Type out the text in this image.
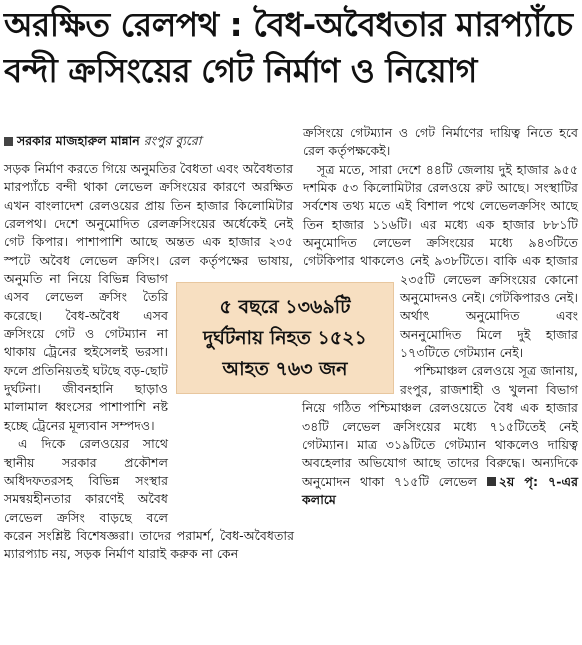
অরক্ষিত রেলপথ : বৈধ-অবৈধতার মারপ্যাঁচে
বন্দী ক্রসিংয়ের গেট নির্মাণ ও নিয়োগ
সরকার মাজহারুল মান্নান রংপুর ব্যুরো

সড়ক নির্মাণ করতে গিয়ে অনুমতির বৈধতা এবং অবৈধতার মারপ্যাঁচে বন্দী থাকা লেভেল ক্রসিংয়ের কারণে অরক্ষিত এখন বাংলাদেশ রেলওয়ের প্রায় তিন হাজার কিলোমিটার রেলপথ। দেশে অনুমোদিত রেলক্রসিংয়ের অর্ধেকেই নেই গেট কিপার। পাশাপাশি আছে অন্তত এক হাজার ২৩৫ স্পটে অবৈধ লেভেল ক্রসিং। রেল কর্তৃপক্ষের ভাষায়, অনুমতি না নিয়ে বিভিন্ন বিভাগ এসব লেভেল ক্রসিং তৈরি করেছে। বৈধ-অবৈধ এসব ক্রসিংয়ে গেট ও গেটম্যান না থাকায় ট্রেনের হুইসেলই ভরসা। ফলে প্রতিনিয়তই ঘটছে বড়-ছোট দুর্ঘটনা। জীবনহানি ছাড়াও মালামাল ধ্বংসের পাশাপাশি নষ্ট হচ্ছে ট্রেনের মূল্যবান সম্পদও।

এ দিকে রেলওয়ের সাথে স্থানীয় সরকার প্রকৌশল অধিদফতরসহ বিভিন্ন সংস্থার সমন্বয়হীনতার কারণেই অবৈধ লেভেল ক্রসিং বাড়ছে বলে করেন সংশ্লিষ্ট বিশেষজ্ঞরা। তাদের পরামর্শ, বৈধ-অবৈধতার ম্যারপ্যাচ নয়, সড়ক নির্মাণ যারাই করুক না কেন

ক্রসিংয়ে গেটম্যান ও গেট নির্মাণের দায়িত্ব নিতে হবে রেল কর্তৃপক্ষকেই।

সূত্র মতে, সারা দেশে ৪৪টি জেলায় দুই হাজার ৯৫৫ দশমিক ৫৩ কিলোমিটার রেলওয়ে রুট আছে। সংস্থাটির সর্বশেষ তথ্য মতে এই বিশাল পথে লেভেলক্রসিং আছে তিন হাজার ১১৬টি। এর মধ্যে এক হাজার ৮৮১টি অনুমোদিত লেভেল ক্রসিংয়ের মধ্যে ৯৪৩টিতে গেটকিপার থাকলেও নেই ৯৩৮টিতে। বাকি এক হাজার ২৩৫টি লেভেল ক্রসিংয়ের কোনো অনুমোদনও নেই। গেটকিপারও নেই। অর্থাৎ অনুমোদিত এবং অননুমোদিত মিলে দুই হাজার ১৭৩টিতে গেটম্যান নেই।

পশ্চিমাঞ্চল রেলওয়ে সূত্র জানায়, রংপুর, রাজশাহী ও খুলনা বিভাগ নিয়ে গঠিত পশ্চিমাঞ্চল রেলওয়েতে বৈধ এক হাজার ৩৪টি লেভেল ক্রসিংয়ের মধ্যে ৭১৫টিতেই নেই গেটম্যান। মাত্র ৩১৯টিতে গেটম্যান থাকলেও দায়িত্ব অবহেলার অভিযোগ আছে তাদের বিরুদ্ধে। অন্যদিকে অনুমোদন থাকা ৭১৫টি লেভেল ২য় পৃ: ৭-এর কলামে

৫ বছরে ১৩৬৯টি
দুর্ঘটনায় নিহত ১৫২১
আহত ৭৬৩ জন
